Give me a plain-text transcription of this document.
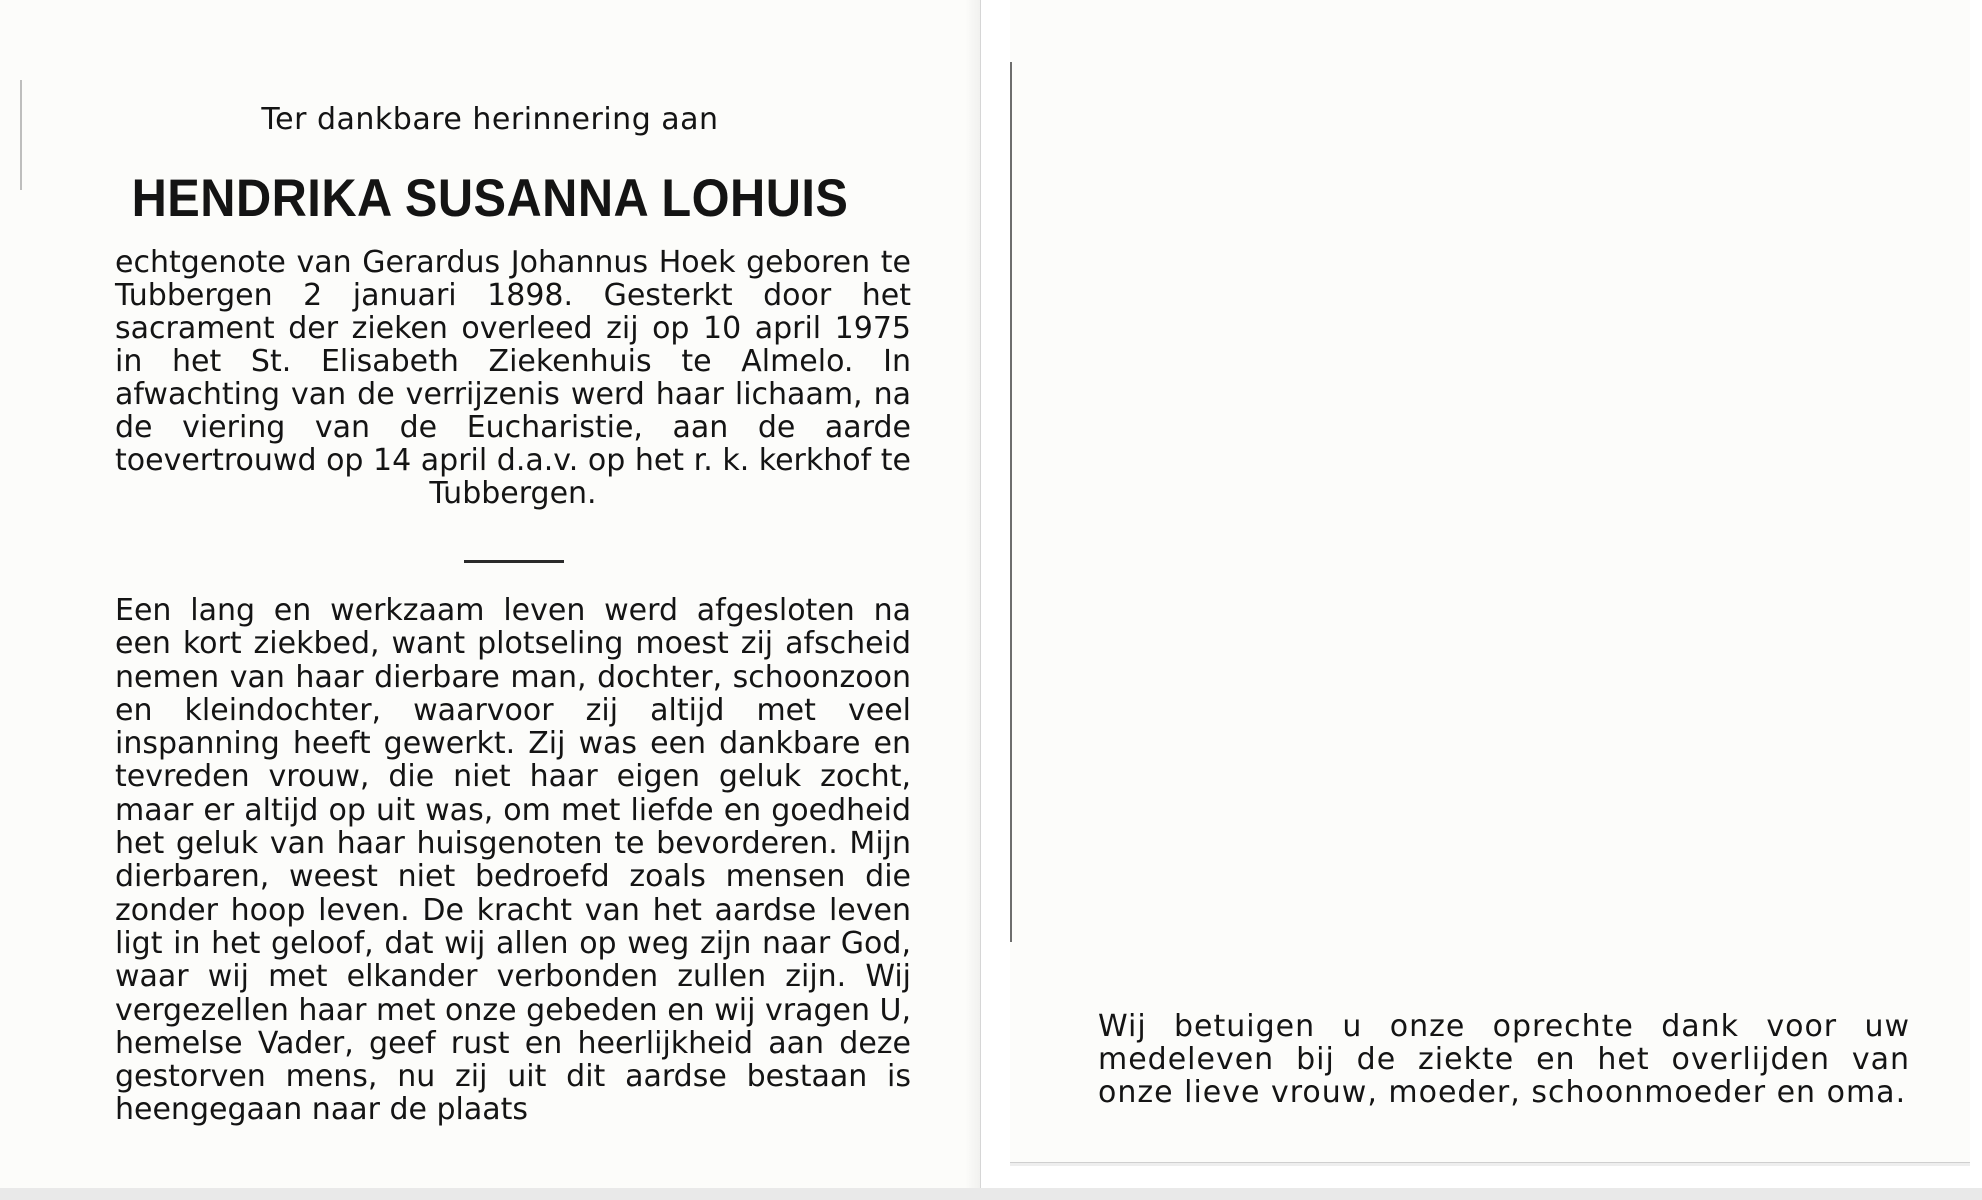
Ter dankbare herinnering aan
HENDRIKA SUSANNA LOHUIS
echtgenote van Gerardus Johannus Hoek geboren te Tubbergen 2 januari 1898. Gesterkt door het sacrament der zieken overleed zij op 10 april 1975 in het St. Elisabeth Ziekenhuis te Almelo. In afwachting van de verrijzenis werd haar lichaam, na de viering van de Eucharistie, aan de aarde toevertrouwd op 14 april d.a.v. op het r. k. kerkhof te Tubbergen.
Een lang en werkzaam leven werd afgesloten na een kort ziekbed, want plotseling moest zij afscheid nemen van haar dierbare man, dochter, schoonzoon en kleindochter, waarvoor zij altijd met veel inspanning heeft gewerkt. Zij was een dankbare en tevreden vrouw, die niet haar eigen geluk zocht, maar er altijd op uit was, om met liefde en goedheid het geluk van haar huisgenoten te bevorderen. Mijn dierbaren, weest niet bedroefd zoals mensen die zonder hoop leven. De kracht van het aardse leven ligt in het geloof, dat wij allen op weg zijn naar God, waar wij met elkander verbonden zullen zijn. Wij vergezellen haar met onze gebeden en wij vragen U, hemelse Vader, geef rust en heerlijkheid aan deze gestorven mens, nu zij uit dit aardse bestaan is heengegaan naar de plaats
Wij betuigen u onze oprechte dank voor uw medeleven bij de ziekte en het overlijden van onze lieve vrouw, moeder, schoonmoeder en oma.
